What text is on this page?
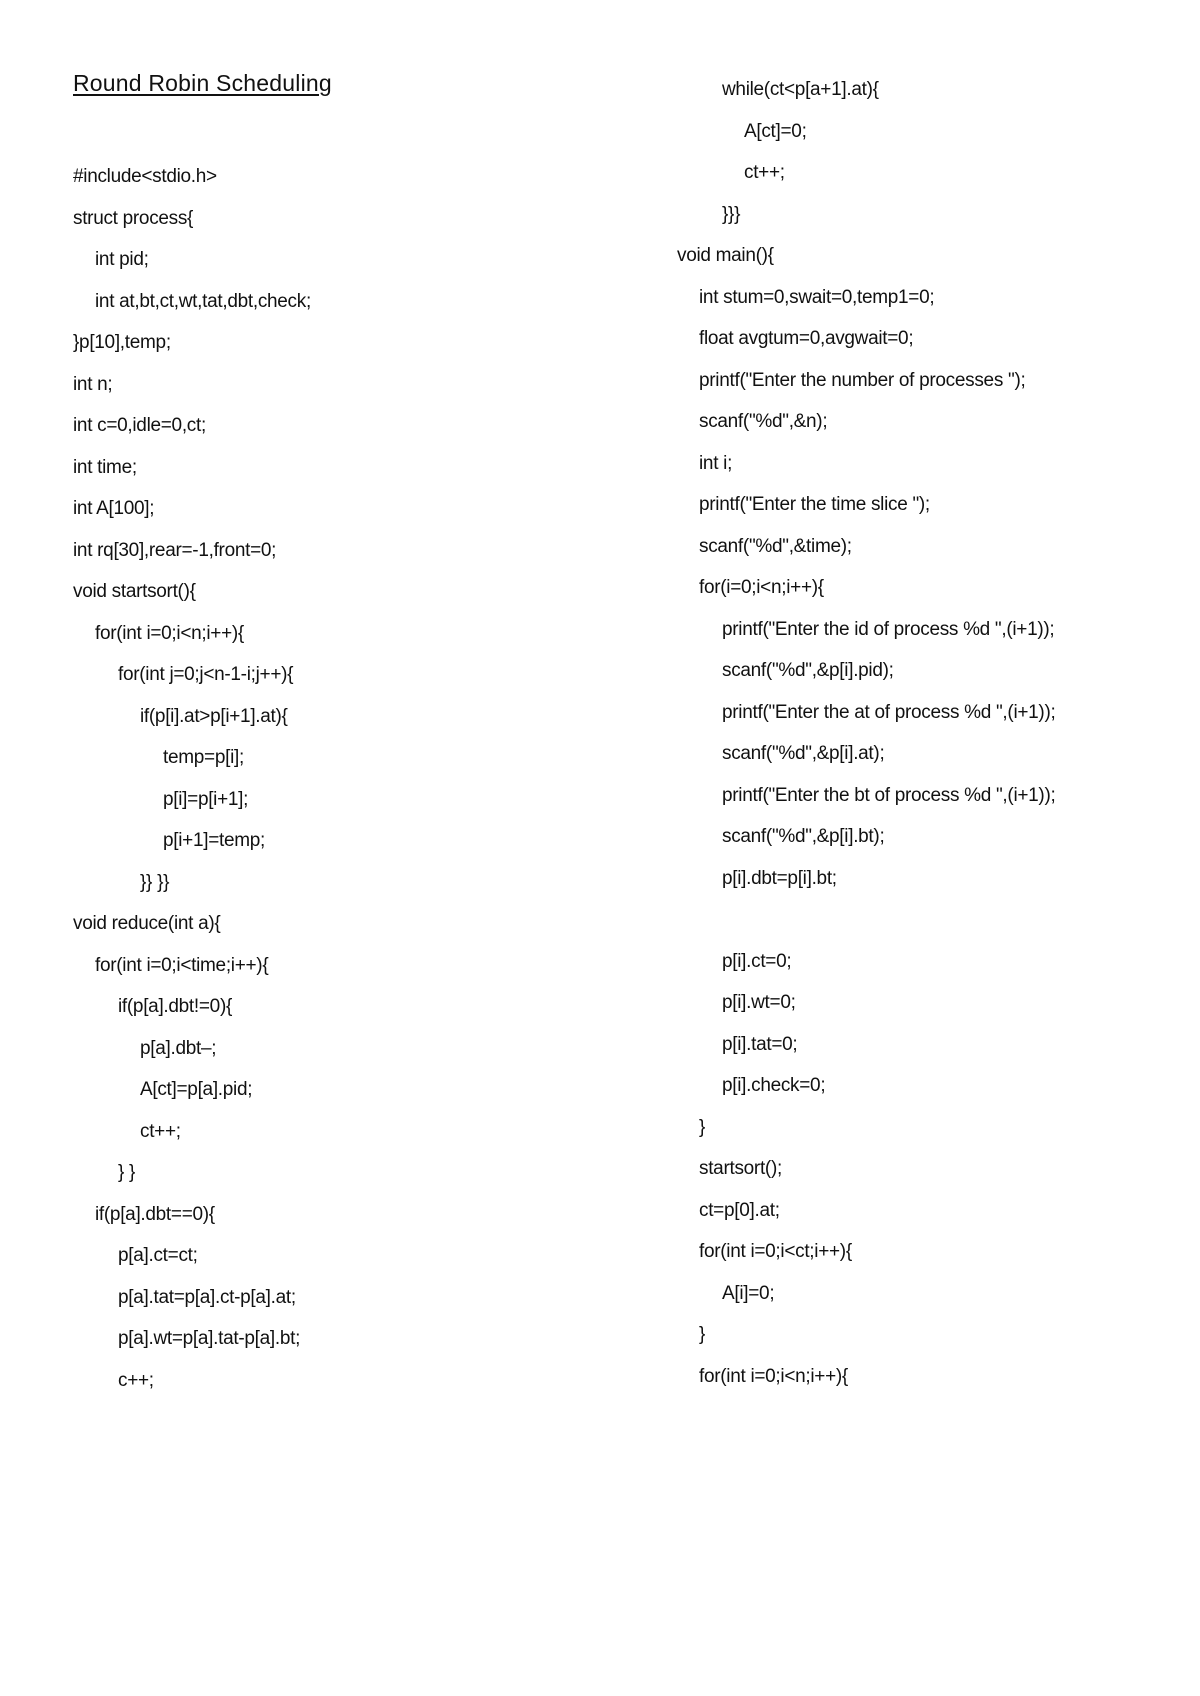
Round Robin Scheduling
#include<stdio.h>
struct process{
int pid;
int at,bt,ct,wt,tat,dbt,check;
}p[10],temp;
int n;
int c=0,idle=0,ct;
int time;
int A[100];
int rq[30],rear=-1,front=0;
void startsort(){
for(int i=0;i<n;i++){
for(int j=0;j<n-1-i;j++){
if(p[i].at>p[i+1].at){
temp=p[i];
p[i]=p[i+1];
p[i+1]=temp;
}} }}
void reduce(int a){
for(int i=0;i<time;i++){
if(p[a].dbt!=0){
p[a].dbt–;
A[ct]=p[a].pid;
ct++;
} }
if(p[a].dbt==0){
p[a].ct=ct;
p[a].tat=p[a].ct-p[a].at;
p[a].wt=p[a].tat-p[a].bt;
c++;
while(ct<p[a+1].at){
A[ct]=0;
ct++;
}}}
void main(){
int stum=0,swait=0,temp1=0;
float avgtum=0,avgwait=0;
printf("Enter the number of processes ");
scanf("%d",&n);
int i;
printf("Enter the time slice ");
scanf("%d",&time);
for(i=0;i<n;i++){
printf("Enter the id of process %d ",(i+1));
scanf("%d",&p[i].pid);
printf("Enter the at of process %d ",(i+1));
scanf("%d",&p[i].at);
printf("Enter the bt of process %d ",(i+1));
scanf("%d",&p[i].bt);
p[i].dbt=p[i].bt;
p[i].ct=0;
p[i].wt=0;
p[i].tat=0;
p[i].check=0;
}
startsort();
ct=p[0].at;
for(int i=0;i<ct;i++){
A[i]=0;
}
for(int i=0;i<n;i++){
